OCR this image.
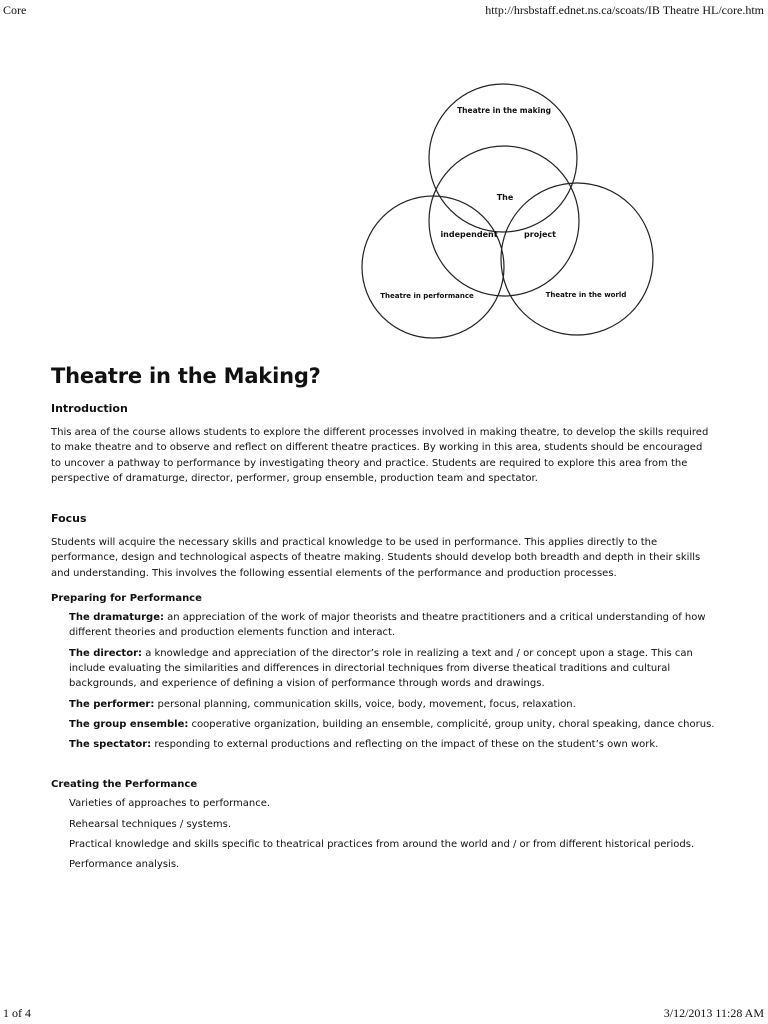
Core	http://hrsbstaff.ednet.ns.ca/scoats/IB Theatre HL/core.htm
Theatre in the making
The
independent	project
Theatre in performance	Theatre in the world
Theatre in the Making?
Introduction
This area of the course allows students to explore the different processes involved in making theatre, to develop the skills required to make theatre and to observe and reflect on different theatre practices. By working in this area, students should be encouraged to uncover a pathway to performance by investigating theory and practice. Students are required to explore this area from the perspective of dramaturge, director, performer, group ensemble, production team and spectator.
Focus
Students will acquire the necessary skills and practical knowledge to be used in performance. This applies directly to the performance, design and technological aspects of theatre making. Students should develop both breadth and depth in their skills and understanding. This involves the following essential elements of the performance and production processes.
Preparing for Performance
The dramaturge: an appreciation of the work of major theorists and theatre practitioners and a critical understanding of how different theories and production elements function and interact.
The director: a knowledge and appreciation of the director’s role in realizing a text and / or concept upon a stage. This can include evaluating the similarities and differences in directorial techniques from diverse theatical traditions and cultural backgrounds, and experience of defining a vision of performance through words and drawings.
The performer: personal planning, communication skills, voice, body, movement, focus, relaxation.
The group ensemble: cooperative organization, building an ensemble, complicité, group unity, choral speaking, dance chorus.
The spectator: responding to external productions and reflecting on the impact of these on the student’s own work.
Creating the Performance
Varieties of approaches to performance.
Rehearsal techniques / systems.
Practical knowledge and skills specific to theatrical practices from around the world and / or from different historical periods.
Performance analysis.
1 of 4	3/12/2013 11:28 AM
